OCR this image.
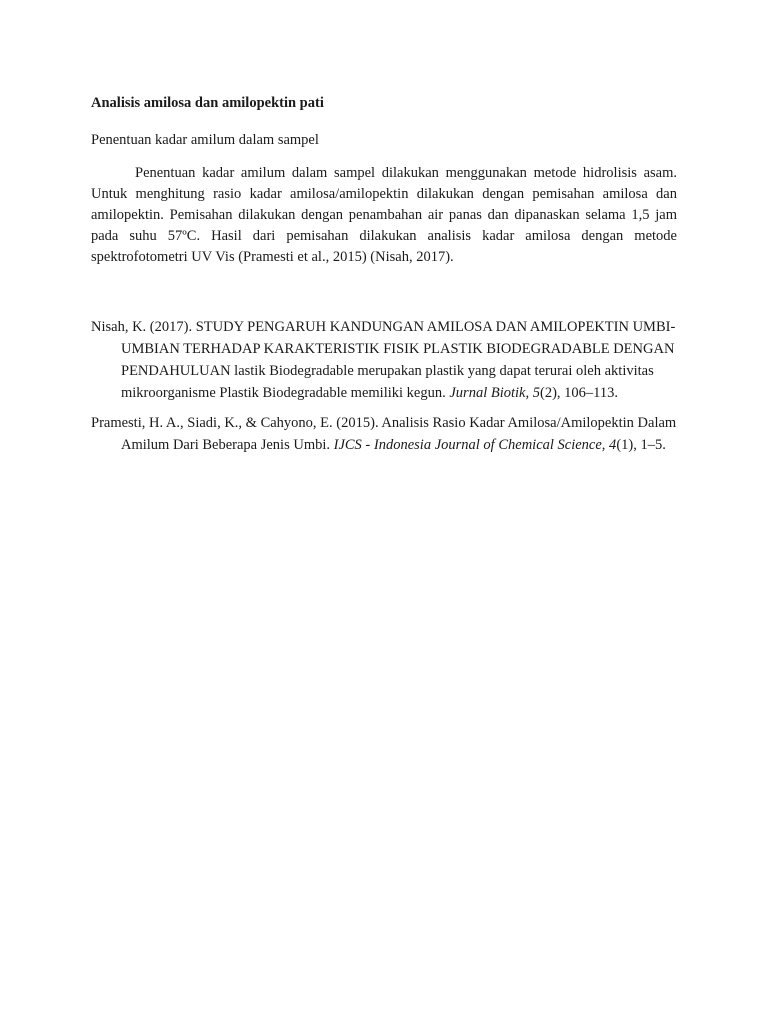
Analisis amilosa dan amilopektin pati

Penentuan kadar amilum dalam sampel

Penentuan kadar amilum dalam sampel dilakukan menggunakan metode hidrolisis asam. Untuk menghitung rasio kadar amilosa/amilopektin dilakukan dengan pemisahan amilosa dan amilopektin. Pemisahan dilakukan dengan penambahan air panas dan dipanaskan selama 1,5 jam pada suhu 57ºC. Hasil dari pemisahan dilakukan analisis kadar amilosa dengan metode spektrofotometri UV Vis (Pramesti et al., 2015) (Nisah, 2017).

Nisah, K. (2017). STUDY PENGARUH KANDUNGAN AMILOSA DAN AMILOPEKTIN UMBI-UMBIAN TERHADAP KARAKTERISTIK FISIK PLASTIK BIODEGRADABLE DENGAN PENDAHULUAN lastik Biodegradable merupakan plastik yang dapat terurai oleh aktivitas mikroorganisme Plastik Biodegradable memiliki kegun. Jurnal Biotik, 5(2), 106–113.

Pramesti, H. A., Siadi, K., & Cahyono, E. (2015). Analisis Rasio Kadar Amilosa/Amilopektin Dalam Amilum Dari Beberapa Jenis Umbi. IJCS - Indonesia Journal of Chemical Science, 4(1), 1–5.
